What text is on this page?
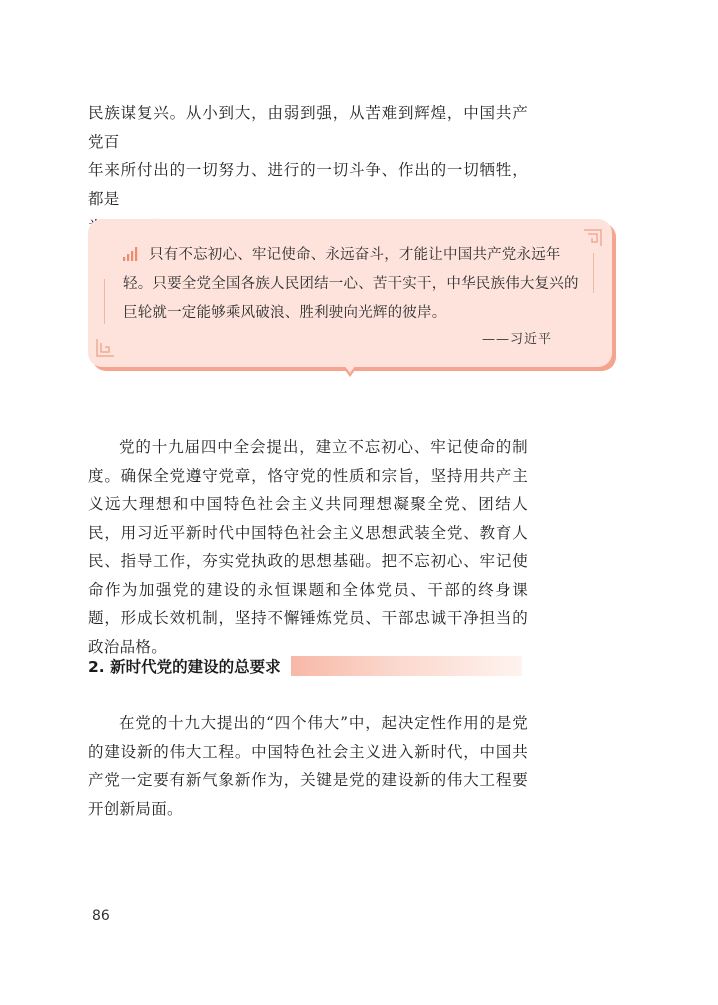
民族谋复兴。从小到大，由弱到强，从苦难到辉煌，中国共产党百

年来所付出的一切努力、进行的一切斗争、作出的一切牺牲，都是

只有不忘初心、牢记使命、永远奋斗，才能让中国共产党永远年轻。只要全党全国各族人民团结一心、苦干实干，中华民族伟大复兴的巨轮就一定能够乘风破浪、胜利驶向光辉的彼岸。

——习近平

党的十九届四中全会提出，建立不忘初心、牢记使命的制度。确保全党遵守党章，恪守党的性质和宗旨，坚持用共产主义远大理想和中国特色社会主义共同理想凝聚全党、团结人民，用习近平新时代中国特色社会主义思想武装全党、教育人民、指导工作，夯实党执政的思想基础。把不忘初心、牢记使命作为加强党的建设的永恒课题和全体党员、干部的终身课题，形成长效机制，坚持不懈锤炼党员、干部忠诚干净担当的政治品格。

2. 新时代党的建设的总要求

在党的十九大提出的“四个伟大”中，起决定性作用的是党的建设新的伟大工程。中国特色社会主义进入新时代，中国共产党一定要有新气象新作为，关键是党的建设新的伟大工程要开创新局面。

86
